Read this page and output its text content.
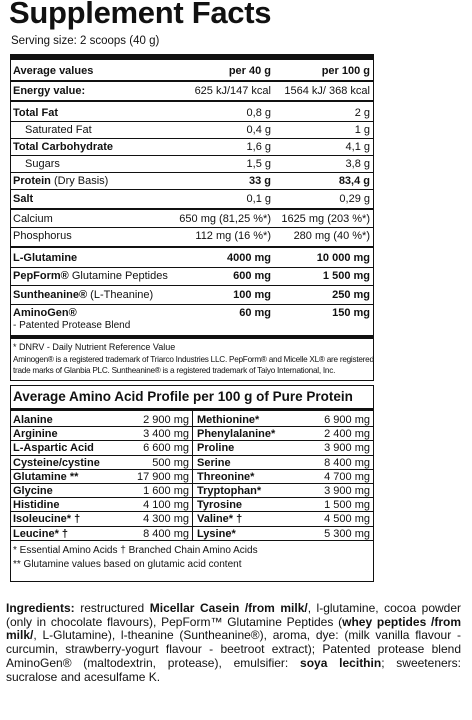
Supplement Facts
Serving size: 2 scoops (40 g)
Average values	per 40 g	per 100 g
Energy value:	625 kJ/147 kcal 1564 kJ/ 368 kcal
Total Fat	0,8 g	2 g
Saturated Fat	0,4 g	1 g
Total Carbohydrate	1,6 g	4,1 g
Sugars	1,5 g	3,8 g
Protein (Dry Basis)	33 g	83,4 g
Salt	0,1 g	0,29 g
Calcium	650 mg (81,25 %*) 1625 mg (203 %*)
Phosphorus	112 mg (16 %*) 280 mg (40 %*)
L-Glutamine	4000 mg	10 000 mg
PepForm® Glutamine Peptides	600 mg	1 500 mg
Suntheanine® (L-Theanine)	100 mg	250 mg
AminoGen®
- Patented Protease Blend
60 mg	150 mg
* DNRV - Daily Nutrient Reference Value
Aminogen® is a registered trademark of Triarco Industries LLC. PepForm® and Micelle XL® are registered
trade marks of Glanbia PLC. Suntheanine® is a registered trademark of Taiyo International, Inc.
Average Amino Acid Profile per 100 g of Pure Protein
Alanine	2 900 mg Methionine*	6 900 mg
Arginine	3 400 mg Phenylalanine*	2 400 mg
L-Aspartic Acid	6 600 mg Proline	3 900 mg
Cysteine/cystine	500 mg Serine	8 400 mg
Glutamine **	17 900 mg Threonine*	4 700 mg
Glycine	1 600 mg Tryptophan*	3 900 mg
Histidine	4 100 mg Tyrosine	1 500 mg
Isoleucine* †	4 300 mg Valine* †	4 500 mg
Leucine* †	8 400 mg Lysine*	5 300 mg
* Essential Amino Acids † Branched Chain Amino Acids
** Glutamine values based on glutamic acid content
Ingredients: restructured Micellar Casein /from milk/, l-glutamine, cocoa powder (only in chocolate flavours), PepForm™ Glutamine Peptides (whey peptides /from milk/, L-Glutamine), l-theanine (Suntheanine®), aroma, dye: (milk vanilla flavour - curcumin, strawberry-yogurt flavour - beetroot extract); Patented protease blend AminoGen® (maltodextrin, protease), emulsifier: soya lecithin; sweeteners: sucralose and acesulfame K.
